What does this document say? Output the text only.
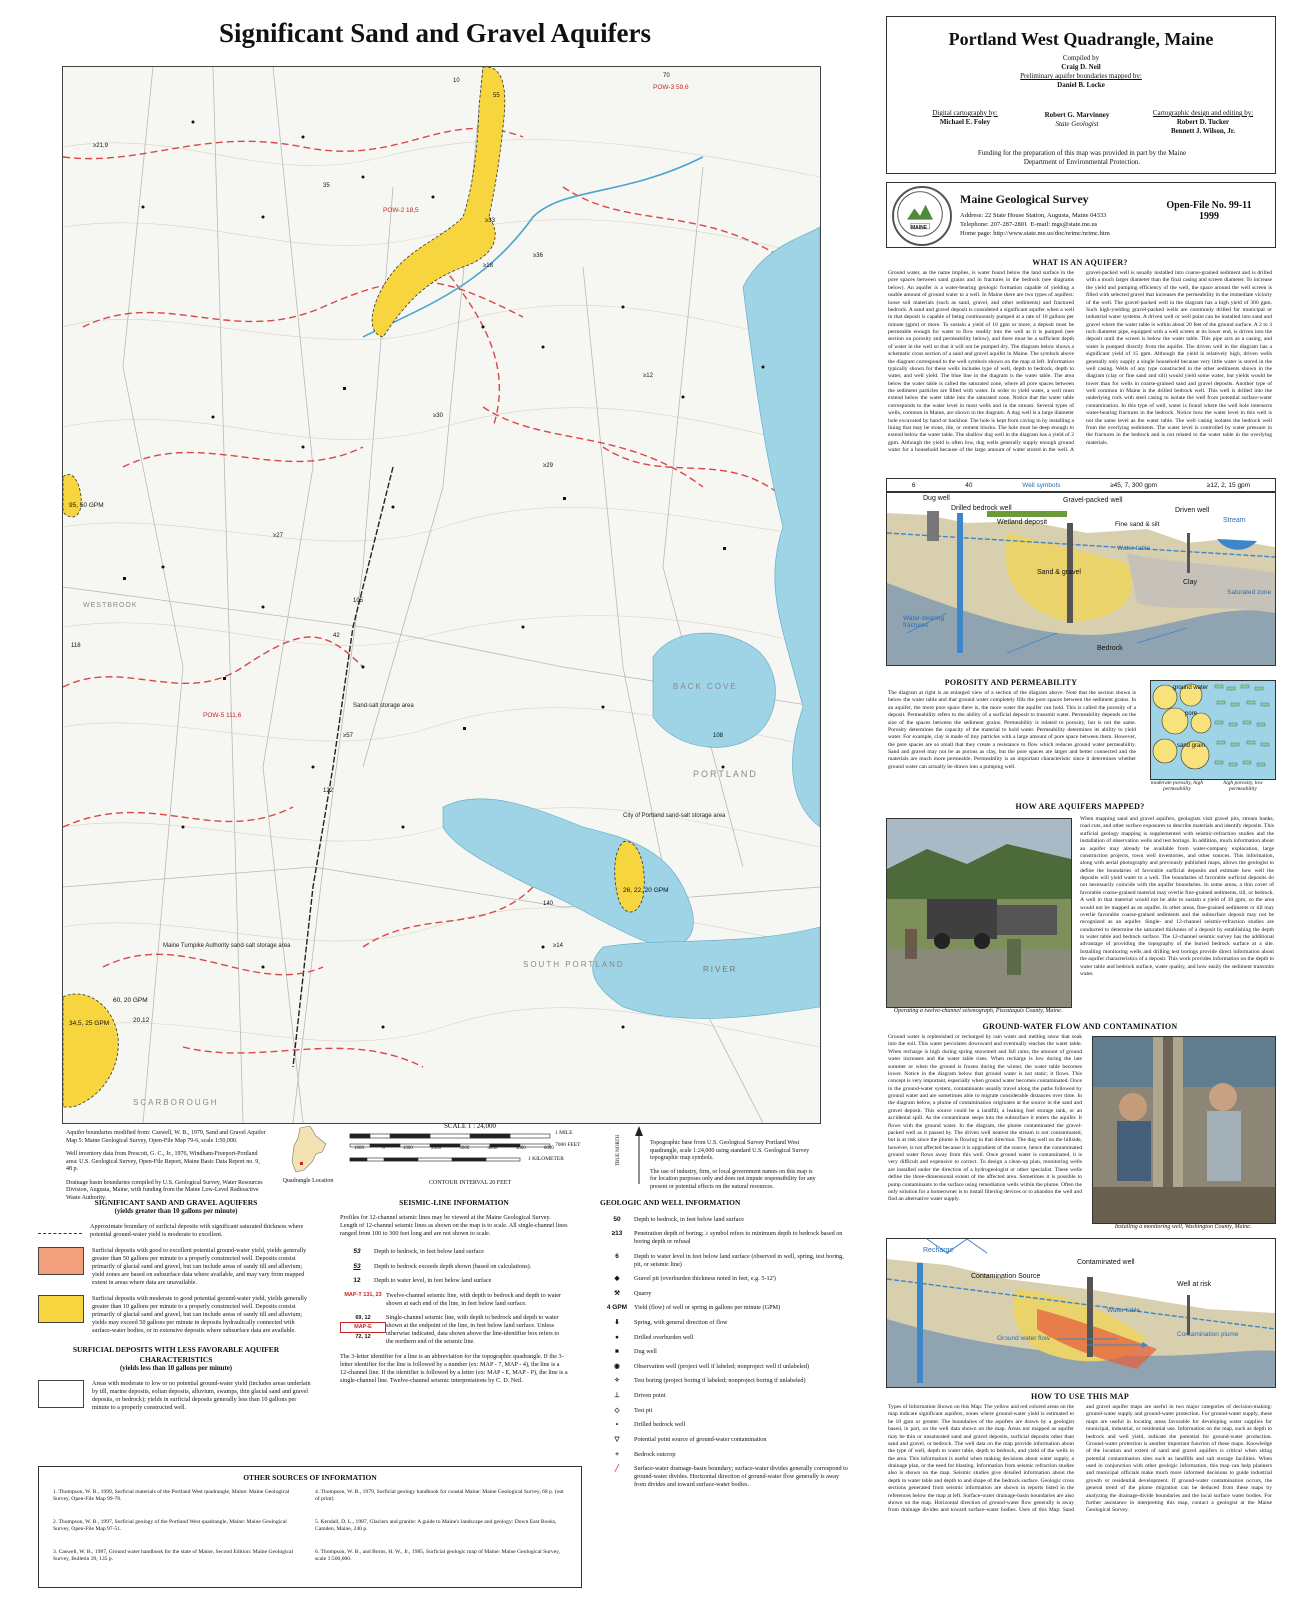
Significant Sand and Gravel Aquifers
Sand-salt storage area
City of Portland sand-salt storage area
Maine Turnpike Authority sand-salt storage area
PORTLAND
BACK COVE
SOUTH PORTLAND
RIVER
SCARBOROUGH
WESTBROOK
POW-3 59,6
POW-2 18,5
POW-5 111,6
95, 50 GPM
60, 20 GPM
34,5, 25 GPM	20,12
26, 22, 20 GPM
≥21,9
≥30
≥33
≥57
≥29
≥18
≥36
≥27
≥12
≥14
55
70
10
35
42
105
118
108
140
122

Aquifer boundaries modified from: Caswell, W. B., 1979, Sand and Gravel Aquifer Map 5: Maine Geological Survey, Open-File Map 79-6, scale 1:50,000.

Well inventory data from Prescott, G. C., Jr., 1976, Windham-Freeport-Portland area: U.S. Geological Survey, Open-File Report, Maine Basic Data Report no. 9, 48 p.

Drainage basin boundaries compiled by U.S. Geological Survey, Water Resources Division, Augusta, Maine, with funding from the Maine Low-Level Radioactive Waste Authority.

Quadrangle Location
SCALE 1 : 24,000
1 MILE
7000 FEET
1 KILOMETER
1000	0	1000	2000	3000	4000	5000	6000
CONTOUR INTERVAL 20 FEET
TRUE NORTH	Topographic base from U.S. Geological Survey Portland West quadrangle, scale 1:24,000 using standard U.S. Geological Survey topographic map symbols.

The use of industry, firm, or local government names on this map is for location purposes only and does not impute responsibility for any present or potential effects on the natural resources.

Portland West Quadrangle, Maine
Compiled by
Craig D. Neil
Preliminary aquifer boundaries mapped by:
Daniel B. Locke
Digital cartography by:
Michael E. Foley
Robert G. Marvinney
State Geologist
Cartographic design and editing by:
Robert D. Tucker
Bennett J. Wilson, Jr.
Funding for the preparation of this map was provided in part by the Maine Department of Environmental Protection.
MAINE
Maine Geological Survey
Address: 22 State House Station, Augusta, Maine 04333
Telephone: 207-287-2801 E-mail: mgs@state.me.us
Home page: http://www.state.me.us/doc/nrimc/nrimc.htm
Open-File No. 99-11
1999
WHAT IS AN AQUIFER?
Ground water, as the name implies, is water found below the land surface in the pore spaces between sand grains and in fractures in the bedrock (see diagrams below). An aquifer is a water-bearing geologic formation capable of yielding a usable amount of ground water to a well. In Maine there are two types of aquifers: loose soil materials (such as sand, gravel, and other sediments) and fractured bedrock. A sand and gravel deposit is considered a significant aquifer when a well in that deposit is capable of being continuously pumped at a rate of 10 gallons per minute (gpm) or more. To sustain a yield of 10 gpm or more, a deposit must be permeable enough for water to flow readily into the well as it is pumped (see section on porosity and permeability below), and there must be a sufficient depth of water in the well so that it will not be pumped dry. The diagram below shows a schematic cross section of a sand and gravel aquifer in Maine. The symbols above the diagram correspond to the well symbols shown on the map at left. Information typically shown for these wells includes type of well, depth to bedrock, depth to water, and well yield. The blue line in the diagram is the water table. The area below the water table is called the saturated zone, where all pore spaces between the sediment particles are filled with water. In order to yield water, a well must extend below the water table into the saturated zone. Notice that the water table corresponds to the water level in most wells and in the stream. Several types of wells, common in Maine, are shown in the diagram. A dug well is a large diameter hole excavated by hand or backhoe. The hole is kept from caving in by installing a lining that may be stone, tile, or cement blocks. The hole must be deep enough to extend below the water table. The shallow dug well in the diagram has a yield of 2 gpm. Although the yield is often low, dug wells generally supply enough ground water for a household because of the large amount of water stored in the well. A gravel-packed well is usually installed into coarse-grained sediment and is drilled with a much larger diameter than the final casing and screen diameter. To increase the yield and pumping efficiency of the well, the space around the well screen is filled with selected gravel that increases the permeability in the immediate vicinity of the well. The gravel-packed well in the diagram has a high yield of 300 gpm. Such high-yielding gravel-packed wells are commonly drilled for municipal or industrial water systems. A driven well or well point can be installed into sand and gravel where the water table is within about 20 feet of the ground surface. A 2 to 3 inch diameter pipe, equipped with a well screen at its lower end, is driven into the deposit until the screen is below the water table. This pipe acts as a casing, and water is pumped directly from the aquifer. The driven well in the diagram has a significant yield of 15 gpm. Although the yield is relatively high, driven wells generally only supply a single household because very little water is stored in the well casing. Wells of any type constructed in the other sediments shown in the diagram (clay or fine sand and silt) would yield some water, but yields would be lower than for wells in coarse-grained sand and gravel deposits. Another type of well common in Maine is the drilled bedrock well. This well is drilled into the underlying rock with steel casing to isolate the well from potential surface-water contamination. In this type of well, water is found where the well hole intersects water-bearing fractures in the bedrock. Notice how the water level in this well is not the same level as the water table. The well casing isolates the bedrock well from the overlying sediments. The water level is controlled by water pressure in the fractures in the bedrock and is not related to the water table in the overlying materials.
6	40	Well symbols	≥45, 7, 300 gpm	≥12, 2, 15 gpm
Dug well
Drilled bedrock well
Gravel-packed well
Wetland deposit	Fine sand & silt
Driven well
Stream
Water table
Sand & gravel
Clay
Saturated zone
Water-bearing fractures
Bedrock
POROSITY AND PERMEABILITY
The diagram at right is an enlarged view of a section of the diagram above. Note that the section shown is below the water table and that ground water completely fills the pore spaces between the sediment grains. In an aquifer, the more pore space there is, the more water the aquifer can hold. This is called the porosity of a deposit. Permeability refers to the ability of a surficial deposit to transmit water. Permeability depends on the size of the spaces between the sediment grains. Permeability is related to porosity, but is not the same. Porosity determines the capacity of the material to hold water. Permeability determines its ability to yield water. For example, clay is made of tiny particles with a large amount of pore space between them. However, the pore spaces are so small that they create a resistance to flow which reduces ground water permeability. Sand and gravel may not be as porous as clay, but the pore spaces are larger and better connected and the materials are much more permeable. Permeability is an important characteristic since it determines whether ground water can actually be drawn into a pumping well.
ground water
pore
sand grain
moderate porosity, high permeability
high porosity, low permeability
HOW ARE AQUIFERS MAPPED?
Operating a twelve-channel seismograph, Piscataquis County, Maine.
When mapping sand and gravel aquifers, geologists visit gravel pits, stream banks, road cuts, and other surface exposures to describe materials and identify deposits. This surficial geology mapping is supplemented with seismic-refraction studies and the installation of observation wells and test borings. In addition, much information about an aquifer may already be available from water-company exploration, large construction projects, town well inventories, and other sources. This information, along with aerial photography and previously published maps, allows the geologist to define the boundaries of favorable surficial deposits and estimate how well the deposits will yield water to a well. The boundaries of favorable surficial deposits do not necessarily coincide with the aquifer boundaries. In some areas, a thin cover of favorable coarse-grained material may overlie fine-grained sediments, till, or bedrock. A well in that material would not be able to sustain a yield of 10 gpm, so the area would not be mapped as an aquifer. In other areas, fine-grained sediments or till may overlie favorable coarse-grained sediments and the subsurface deposit may not be recognized as an aquifer. Single- and 12-channel seismic-refraction studies are conducted to determine the saturated thickness of a deposit by establishing the depth to water table and bedrock surface. The 12-channel seismic survey has the additional advantage of providing the topography of the buried bedrock surface at a site. Installing monitoring wells and drilling test borings provide direct information about the aquifer characteristics of a deposit. This work provides information on the depth to water table and bedrock surface, water quality, and how easily the sediment transmits water.
GROUND-WATER FLOW AND CONTAMINATION
Ground water is replenished or recharged by rain water and melting snow that soak into the soil. This water percolates downward and eventually reaches the water table. When recharge is high during spring snowmelt and fall rains, the amount of ground water increases and the water table rises. When recharge is low during the late summer or when the ground is frozen during the winter, the water table becomes lower. Notice in the diagram below that ground water is not static; it flows. This concept is very important, especially when ground water becomes contaminated. Once in the ground-water system, contaminants usually travel along the paths followed by ground water and are sometimes able to migrate considerable distances over time. In the diagram below, a plume of contamination originates at the source in the sand and gravel deposit. This source could be a landfill, a leaking fuel storage tank, or an accidental spill. As the contaminant seeps into the subsurface it enters the aquifer. It flows with the ground water. In the diagram, the plume contaminated the gravel-packed well as it passed by. The driven well nearest the stream is not contaminated, but is at risk since the plume is flowing in that direction. The dug well on the hillside, however, is not affected because it is upgradient of the source, hence the contaminated ground water flows away from this well. Once ground water is contaminated, it is very difficult and expensive to correct. To design a clean-up plan, monitoring wells are installed under the direction of a hydrogeologist or other specialist. These wells define the three-dimensional extent of the affected area. Sometimes it is possible to pump contaminants to the surface using remediation wells within the plume. Often the only solution for a homeowner is to install filtering devices or to abandon the well and find an alternative water supply.
Installing a monitoring well, Washington County, Maine.
Recharge
Contamination Source
Contaminated well
Well at risk
Water table
Ground water flow
Contamination plume
HOW TO USE THIS MAP
Types of Information Shown on this Map: The yellow and red colored areas on the map indicate significant aquifers, zones where ground-water yield is estimated to be 10 gpm or greater. The boundaries of the aquifers are drawn by a geologist based, in part, on the well data shown on the map. Areas not mapped as aquifer may be thin or unsaturated sand and gravel deposits, surficial deposits other than sand and gravel, or bedrock. The well data on the map provide information about the type of well, depth to water table, depth to bedrock, and yield of the wells in the area. This information is useful when making decisions about water supply, a drainage plan, or the need for blasting. Information from seismic refraction studies also is shown on the map. Seismic studies give detailed information about the depth to water table and depth to and shape of the bedrock surface. Geologic cross sections generated from seismic information are shown in reports listed in the references below the map at left. Surface-water drainage-basin boundaries are also shown on the map. Horizontal direction of ground-water flow generally is away from drainage divides and toward surface-water bodies. Uses of this Map: Sand and gravel aquifer maps are useful in two major categories of decision-making: ground-water supply and ground-water protection. For ground-water supply, these maps are useful in locating areas favorable for developing water supplies for municipal, industrial, or residential use. Information on the map, such as depth to bedrock and well yield, indicate the potential for ground-water production. Ground-water protection is another important function of these maps. Knowledge of the location and extent of sand and gravel aquifers is critical when siting potential contamination sites such as landfills and salt storage facilities. When used in conjunction with other geologic information, this map can help planners and municipal officials make much more informed decisions to guide industrial growth or residential development. If ground-water contamination occurs, the general trend of the plume migration can be deduced from these maps by analyzing the drainage-divide boundaries and the local surface water bodies. For further assistance in interpreting this map, contact a geologist at the Maine Geological Survey.
SIGNIFICANT SAND AND GRAVEL AQUIFERS
(yields greater than 10 gallons per minute)
Approximate boundary of surficial deposits with significant saturated thickness where potential ground-water yield is moderate to excellent.
Surficial deposits with good to excellent potential ground-water yield, yields generally greater than 50 gallons per minute to a properly constructed well. Deposits consist primarily of glacial sand and gravel, but can include areas of sandy till and alluvium; yield zones are based on subsurface data where available, and may vary from mapped extent in areas where data are unavailable.
Surficial deposits with moderate to good potential ground-water yield, yields generally greater than 10 gallons per minute to a properly constructed well. Deposits consist primarily of glacial sand and gravel, but can include areas of sandy till and alluvium; yields may exceed 50 gallons per minute in deposits hydraulically connected with surface-water bodies, or in extensive deposits where subsurface data are available.
SURFICIAL DEPOSITS WITH LESS FAVORABLE AQUIFER CHARACTERISTICS
(yields less than 10 gallons per minute)
Areas with moderate to low or no potential ground-water yield (includes areas underlain by till, marine deposits, eolian deposits, alluvium, swamps, thin glacial sand and gravel deposits, or bedrock); yields in surficial deposits generally less than 10 gallons per minute to a properly constructed well.
SEISMIC-LINE INFORMATION
Profiles for 12-channel seismic lines may be viewed at the Maine Geological Survey. Length of 12-channel seismic lines as shown on the map is to scale. All single-channel lines ranged from 100 to 300 feet long and are not shown to scale.
53	Depth to bedrock, in feet below land surface
53	Depth to bedrock exceeds depth shown (based on calculations).
12	Depth to water level, in feet below land surface
MAP-T 131, 23 Twelve-channel seismic line, with depth to bedrock and depth to water shown at each end of the line, in feet below land surface.
69, 12
MAP-E
72, 12
Single-channel seismic line, with depth to bedrock and depth to water shown at the endpoint of the line, in feet below land surface. Unless otherwise indicated, data shown above the line-identifier box refers to the northern end of the seismic line.
The 3-letter identifier for a line is an abbreviation for the topographic quadrangle. If the 3-letter identifier for the line is followed by a number (ex: MAP - 7, MAP - 4), the line is a 12-channel line. If the identifier is followed by a letter (ex: MAP - E, MAP - P), the line is a single-channel line. Twelve-channel seismic interpretations by C. D. Neil.
GEOLOGIC AND WELL INFORMATION
50	Depth to bedrock, in feet below land surface
≥13	Penetration depth of boring; ≥ symbol refers to minimum depth to bedrock based on boring depth or refusal
6	Depth to water level in feet below land surface (observed in well, spring, test boring, pit, or seismic line)
◆	Gravel pit (overburden thickness noted in feet, e.g. 5-12')
⚒	Quarry
4 GPM	Yield (flow) of well or spring in gallons per minute (GPM)
⬇	Spring, with general direction of flow
●	Drilled overburden well
■	Dug well
◉	Observation well (project well if labeled; nonproject well if unlabeled)
✧	Test boring (project boring if labeled; nonproject boring if unlabeled)
⊥	Driven point
◇	Test pit
•	Drilled bedrock well
▽	Potential point source of ground-water contamination
+	Bedrock outcrop
╱	Surface-water drainage-basin boundary; surface-water divides generally correspond to ground-water divides. Horizontal direction of ground-water flow generally is away from divides and toward surface-water bodies.
OTHER SOURCES OF INFORMATION
1. Thompson, W. B., 1999, Surficial materials of the Portland West quadrangle, Maine: Maine Geological Survey, Open-File Map 99-78.
2. Thompson, W. B., 1997, Surficial geology of the Portland West quadrangle, Maine: Maine Geological Survey, Open-File Map 97-51.
3. Caswell, W. B., 1987, Ground water handbook for the state of Maine, Second Edition: Maine Geological Survey, Bulletin 39, 135 p.
4. Thompson, W. B., 1979, Surficial geology handbook for coastal Maine: Maine Geological Survey, 68 p. (out of print)
5. Kendall, D. L., 1987, Glaciers and granite: A guide to Maine's landscape and geology: Down East Books, Camden, Maine, 240 p.
6. Thompson, W. B., and Borns, H. W., Jr., 1985, Surficial geologic map of Maine: Maine Geological Survey, scale 1:500,000.
